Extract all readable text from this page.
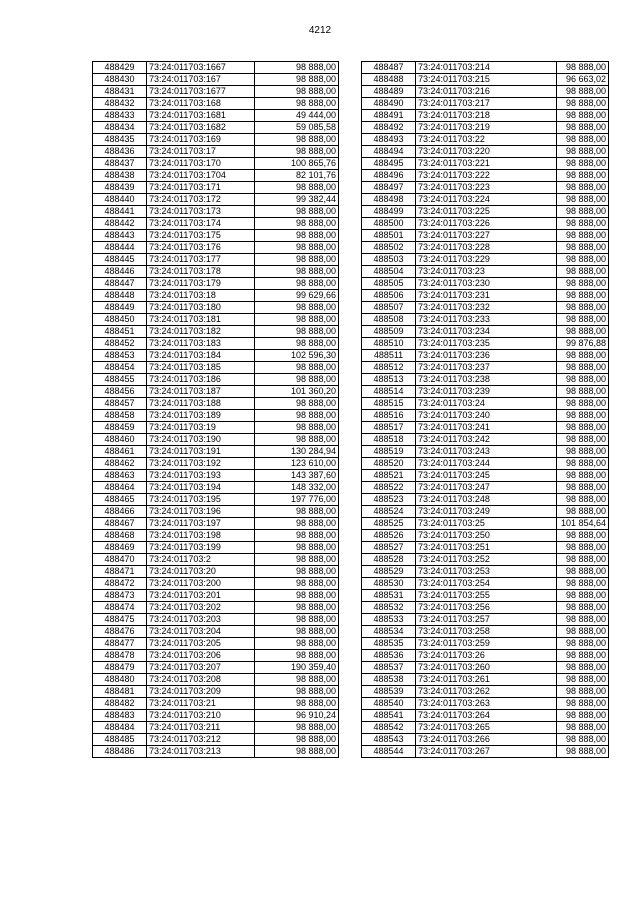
4212
488429	73:24:011703:1667	98 888,00
488430	73:24:011703:167	98 888,00
488431	73:24:011703:1677	98 888,00
488432	73:24:011703:168	98 888,00
488433	73:24:011703:1681	49 444,00
488434	73:24:011703:1682	59 085,58
488435	73:24:011703:169	98 888,00
488436	73:24:011703:17	98 888,00
488437	73:24:011703:170	100 865,76
488438	73:24:011703:1704	82 101,76
488439	73:24:011703:171	98 888,00
488440	73:24:011703:172	99 382,44
488441	73:24:011703:173	98 888,00
488442	73:24:011703:174	98 888,00
488443	73:24:011703:175	98 888,00
488444	73:24:011703:176	98 888,00
488445	73:24:011703:177	98 888,00
488446	73:24:011703:178	98 888,00
488447	73:24:011703:179	98 888,00
488448	73:24:011703:18	99 629,66
488449	73:24:011703:180	98 888,00
488450	73:24:011703:181	98 888,00
488451	73:24:011703:182	98 888,00
488452	73:24:011703:183	98 888,00
488453	73:24:011703:184	102 596,30
488454	73:24:011703:185	98 888,00
488455	73:24:011703:186	98 888,00
488456	73:24:011703:187	101 360,20
488457	73:24:011703:188	98 888,00
488458	73:24:011703:189	98 888,00
488459	73:24:011703:19	98 888,00
488460	73:24:011703:190	98 888,00
488461	73:24:011703:191	130 284,94
488462	73:24:011703:192	123 610,00
488463	73:24:011703:193	143 387,60
488464	73:24:011703:194	148 332,00
488465	73:24:011703:195	197 776,00
488466	73:24:011703:196	98 888,00
488467	73:24:011703:197	98 888,00
488468	73:24:011703:198	98 888,00
488469	73:24:011703:199	98 888,00
488470	73:24:011703:2	98 888,00
488471	73:24:011703:20	98 888,00
488472	73:24:011703:200	98 888,00
488473	73:24:011703:201	98 888,00
488474	73:24:011703:202	98 888,00
488475	73:24:011703:203	98 888,00
488476	73:24:011703:204	98 888,00
488477	73:24:011703:205	98 888,00
488478	73:24:011703:206	98 888,00
488479	73:24:011703:207	190 359,40
488480	73:24:011703:208	98 888,00
488481	73:24:011703:209	98 888,00
488482	73:24:011703:21	98 888,00
488483	73:24:011703:210	96 910,24
488484	73:24:011703:211	98 888,00
488485	73:24:011703:212	98 888,00
488486	73:24:011703:213	98 888,00
488487	73:24:011703:214	98 888,00
488488	73:24:011703:215	96 663,02
488489	73:24:011703:216	98 888,00
488490	73:24:011703:217	98 888,00
488491	73:24:011703:218	98 888,00
488492	73:24:011703:219	98 888,00
488493	73:24:011703:22	98 888,00
488494	73:24:011703:220	98 888,00
488495	73:24:011703:221	98 888,00
488496	73:24:011703:222	98 888,00
488497	73:24:011703:223	98 888,00
488498	73:24:011703:224	98 888,00
488499	73:24:011703:225	98 888,00
488500	73:24:011703:226	98 888,00
488501	73:24:011703:227	98 888,00
488502	73:24:011703:228	98 888,00
488503	73:24:011703:229	98 888,00
488504	73:24:011703:23	98 888,00
488505	73:24:011703:230	98 888,00
488506	73:24:011703:231	98 888,00
488507	73:24:011703:232	98 888,00
488508	73:24:011703:233	98 888,00
488509	73:24:011703:234	98 888,00
488510	73:24:011703:235	99 876,88
488511	73:24:011703:236	98 888,00
488512	73:24:011703:237	98 888,00
488513	73:24:011703:238	98 888,00
488514	73:24:011703:239	98 888,00
488515	73:24:011703:24	98 888,00
488516	73:24:011703:240	98 888,00
488517	73:24:011703:241	98 888,00
488518	73:24:011703:242	98 888,00
488519	73:24:011703:243	98 888,00
488520	73:24:011703:244	98 888,00
488521	73:24:011703:245	98 888,00
488522	73:24:011703:247	98 888,00
488523	73:24:011703:248	98 888,00
488524	73:24:011703:249	98 888,00
488525	73:24:011703:25	101 854,64
488526	73:24:011703:250	98 888,00
488527	73:24:011703:251	98 888,00
488528	73:24:011703:252	98 888,00
488529	73:24:011703:253	98 888,00
488530	73:24:011703:254	98 888,00
488531	73:24:011703:255	98 888,00
488532	73:24:011703:256	98 888,00
488533	73:24:011703:257	98 888,00
488534	73:24:011703:258	98 888,00
488535	73:24:011703:259	98 888,00
488536	73:24:011703:26	98 888,00
488537	73:24:011703:260	98 888,00
488538	73:24:011703:261	98 888,00
488539	73:24:011703:262	98 888,00
488540	73:24:011703:263	98 888,00
488541	73:24:011703:264	98 888,00
488542	73:24:011703:265	98 888,00
488543	73:24:011703:266	98 888,00
488544	73:24:011703:267	98 888,00
